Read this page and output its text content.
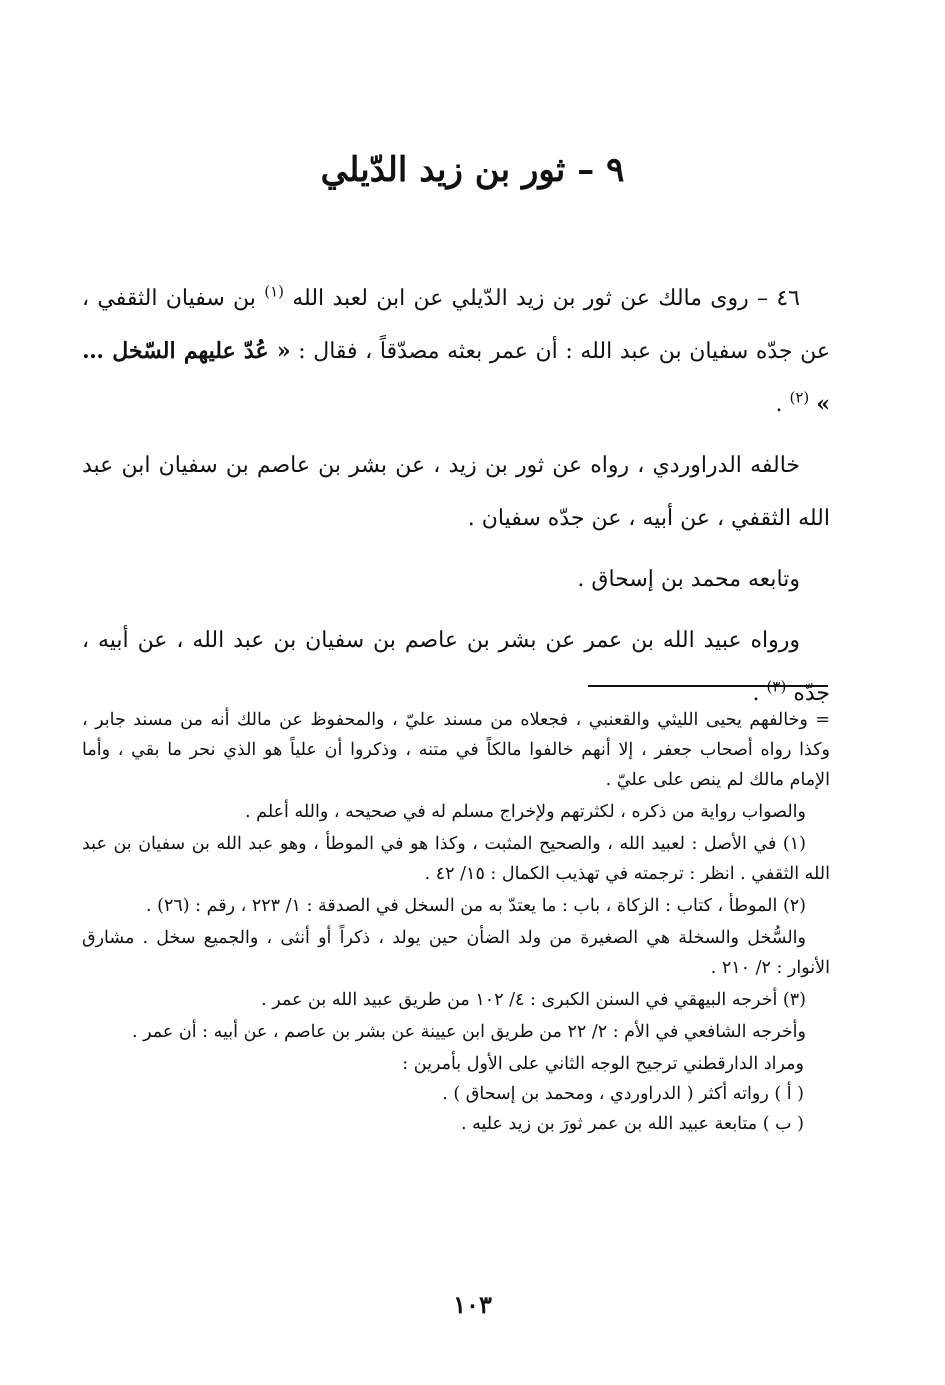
٩ – ثور بن زيد الدّيلي

٤٦ – روى مالك عن ثور بن زيد الدّيلي عن ابن لعبد الله $^{(١)}$ بن سفيان الثقفي ، عن جدّه سفيان بن عبد الله : أن عمر بعثه مصدّقاً ، فقال : « عُدّ عليهم السّخل … » $^{(٢)}$ .

خالفه الدراوردي ، رواه عن ثور بن زيد ، عن بشر بن عاصم بن سفيان ابن عبد الله الثقفي ، عن أبيه ، عن جدّه سفيان .

وتابعه محمد بن إسحاق .

ورواه عبيد الله بن عمر عن بشر بن عاصم بن سفيان بن عبد الله ، عن أبيه ، جدّه $^{(٣)}$ .

= وخالفهم يحيى الليثي والقعنبي ، فجعلاه من مسند عليّ ، والمحفوظ عن مالك أنه من مسند جابر ، وكذا رواه أصحاب جعفر ، إلا أنهم خالفوا مالكاً في متنه ، وذكروا أن علياً هو الذي نحر ما بقي ، وأما الإمام مالك لم ينص على عليّ .

والصواب رواية من ذكره ، لكثرتهم ولإخراج مسلم له في صحيحه ، والله أعلم .

(١) في الأصل : لعبيد الله ، والصحيح المثبت ، وكذا هو في الموطأ ، وهو عبد الله بن سفيان بن عبد الله الثقفي . انظر : ترجمته في تهذيب الكمال : ١٥/ ٤٢ .

(٢) الموطأ ، كتاب : الزكاة ، باب : ما يعتدّ به من السخل في الصدقة : ١/ ٢٢٣ ، رقم : (٢٦) .

والسُّخل والسخلة هي الصغيرة من ولد الضأن حين يولد ، ذكراً أو أنثى ، والجميع سخل . مشارق الأنوار : ٢/ ٢١٠ .

(٣) أخرجه البيهقي في السنن الكبرى : ٤/ ١٠٢ من طريق عبيد الله بن عمر .

وأخرجه الشافعي في الأم : ٢/ ٢٢ من طريق ابن عيينة عن بشر بن عاصم ، عن أبيه : أن عمر .

ومراد الدارقطني ترجيح الوجه الثاني على الأول بأمرين :

( أ ) رواته أكثر ( الدراوردي ، ومحمد بن إسحاق ) .

( ب ) متابعة عبيد الله بن عمر ثورَ بن زيد عليه .

١٠٣
